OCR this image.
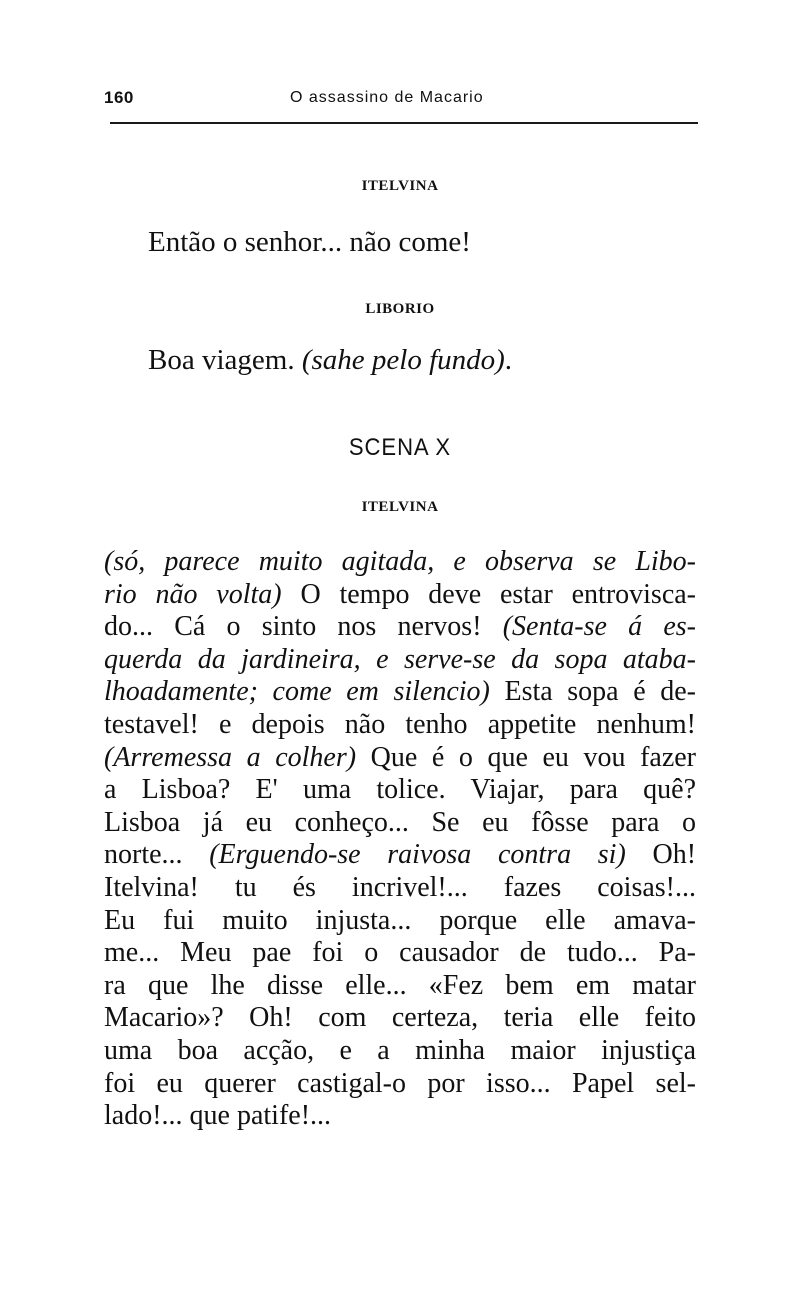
160	O assassino de Macario
ITELVINA
Então o senhor... não come!
LIBORIO
Boa viagem. (sahe pelo fundo).
SCENA X
ITELVINA
(só, parece muito agitada, e observa se Libo-
rio não volta) O tempo deve estar entrovisca-
do... Cá o sinto nos nervos! (Senta-se á es-
querda da jardineira, e serve-se da sopa ataba-
lhoadamente; come em silencio) Esta sopa é de-
testavel! e depois não tenho appetite nenhum!
(Arremessa a colher) Que é o que eu vou fazer
a Lisboa? E' uma tolice. Viajar, para quê?
Lisboa já eu conheço... Se eu fôsse para o
norte... (Erguendo-se raivosa contra si) Oh!
Itelvina! tu és incrivel!... fazes coisas!...
Eu fui muito injusta... porque elle amava-
me... Meu pae foi o causador de tudo... Pa-
ra que lhe disse elle... «Fez bem em matar
Macario»? Oh! com certeza, teria elle feito
uma boa acção, e a minha maior injustiça
foi eu querer castigal-o por isso... Papel sel-
lado!... que patife!...
